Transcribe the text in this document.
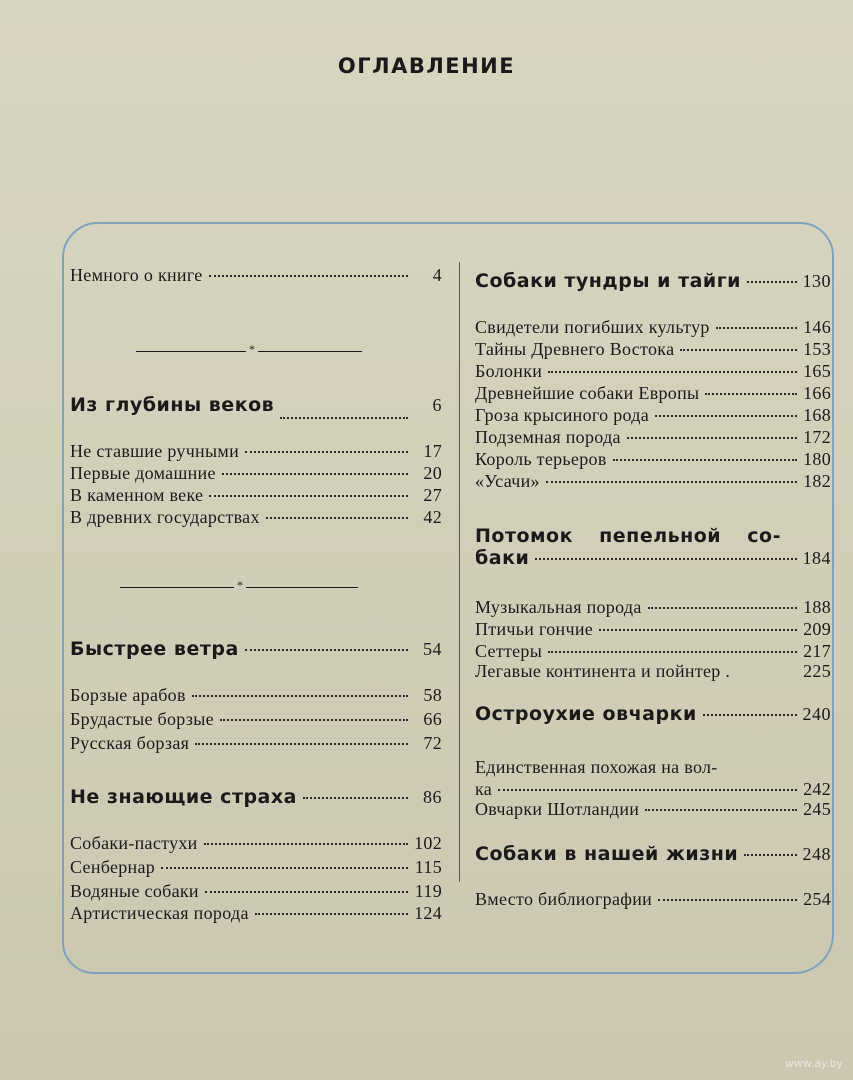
ОГЛАВЛЕНИЕ
Немного о книге	4
*
Из глубины веков	6
Не ставшие ручными	17
Первые домашние	20
В каменном веке	27
В древних государствах	42
*
Быстрее ветра	54
Борзые арабов	58
Брудастые борзые	66
Русская борзая	72
Не знающие страха	86
Собаки-пастухи	102
Сенбернар	115
Водяные собаки	119
Артистическая порода	124
Собаки тундры и тайги	130
Свидетели погибших культур	146
Тайны Древнего Востока	153
Болонки	165
Древнейшие собаки Европы	166
Гроза крысиного рода	168
Подземная порода	172
Король терьеров	180
«Усачи»	182
Потомок пепельной со-
баки	184
Музыкальная порода	188
Птичьи гончие	209
Сеттеры	217
Легавые континента и пойнтер .	225
Остроухие овчарки	240
Единственная похожая на вол-
ка	242
Овчарки Шотландии	245
Собаки в нашей жизни	248
Вместо библиографии	254
www.ay.by
